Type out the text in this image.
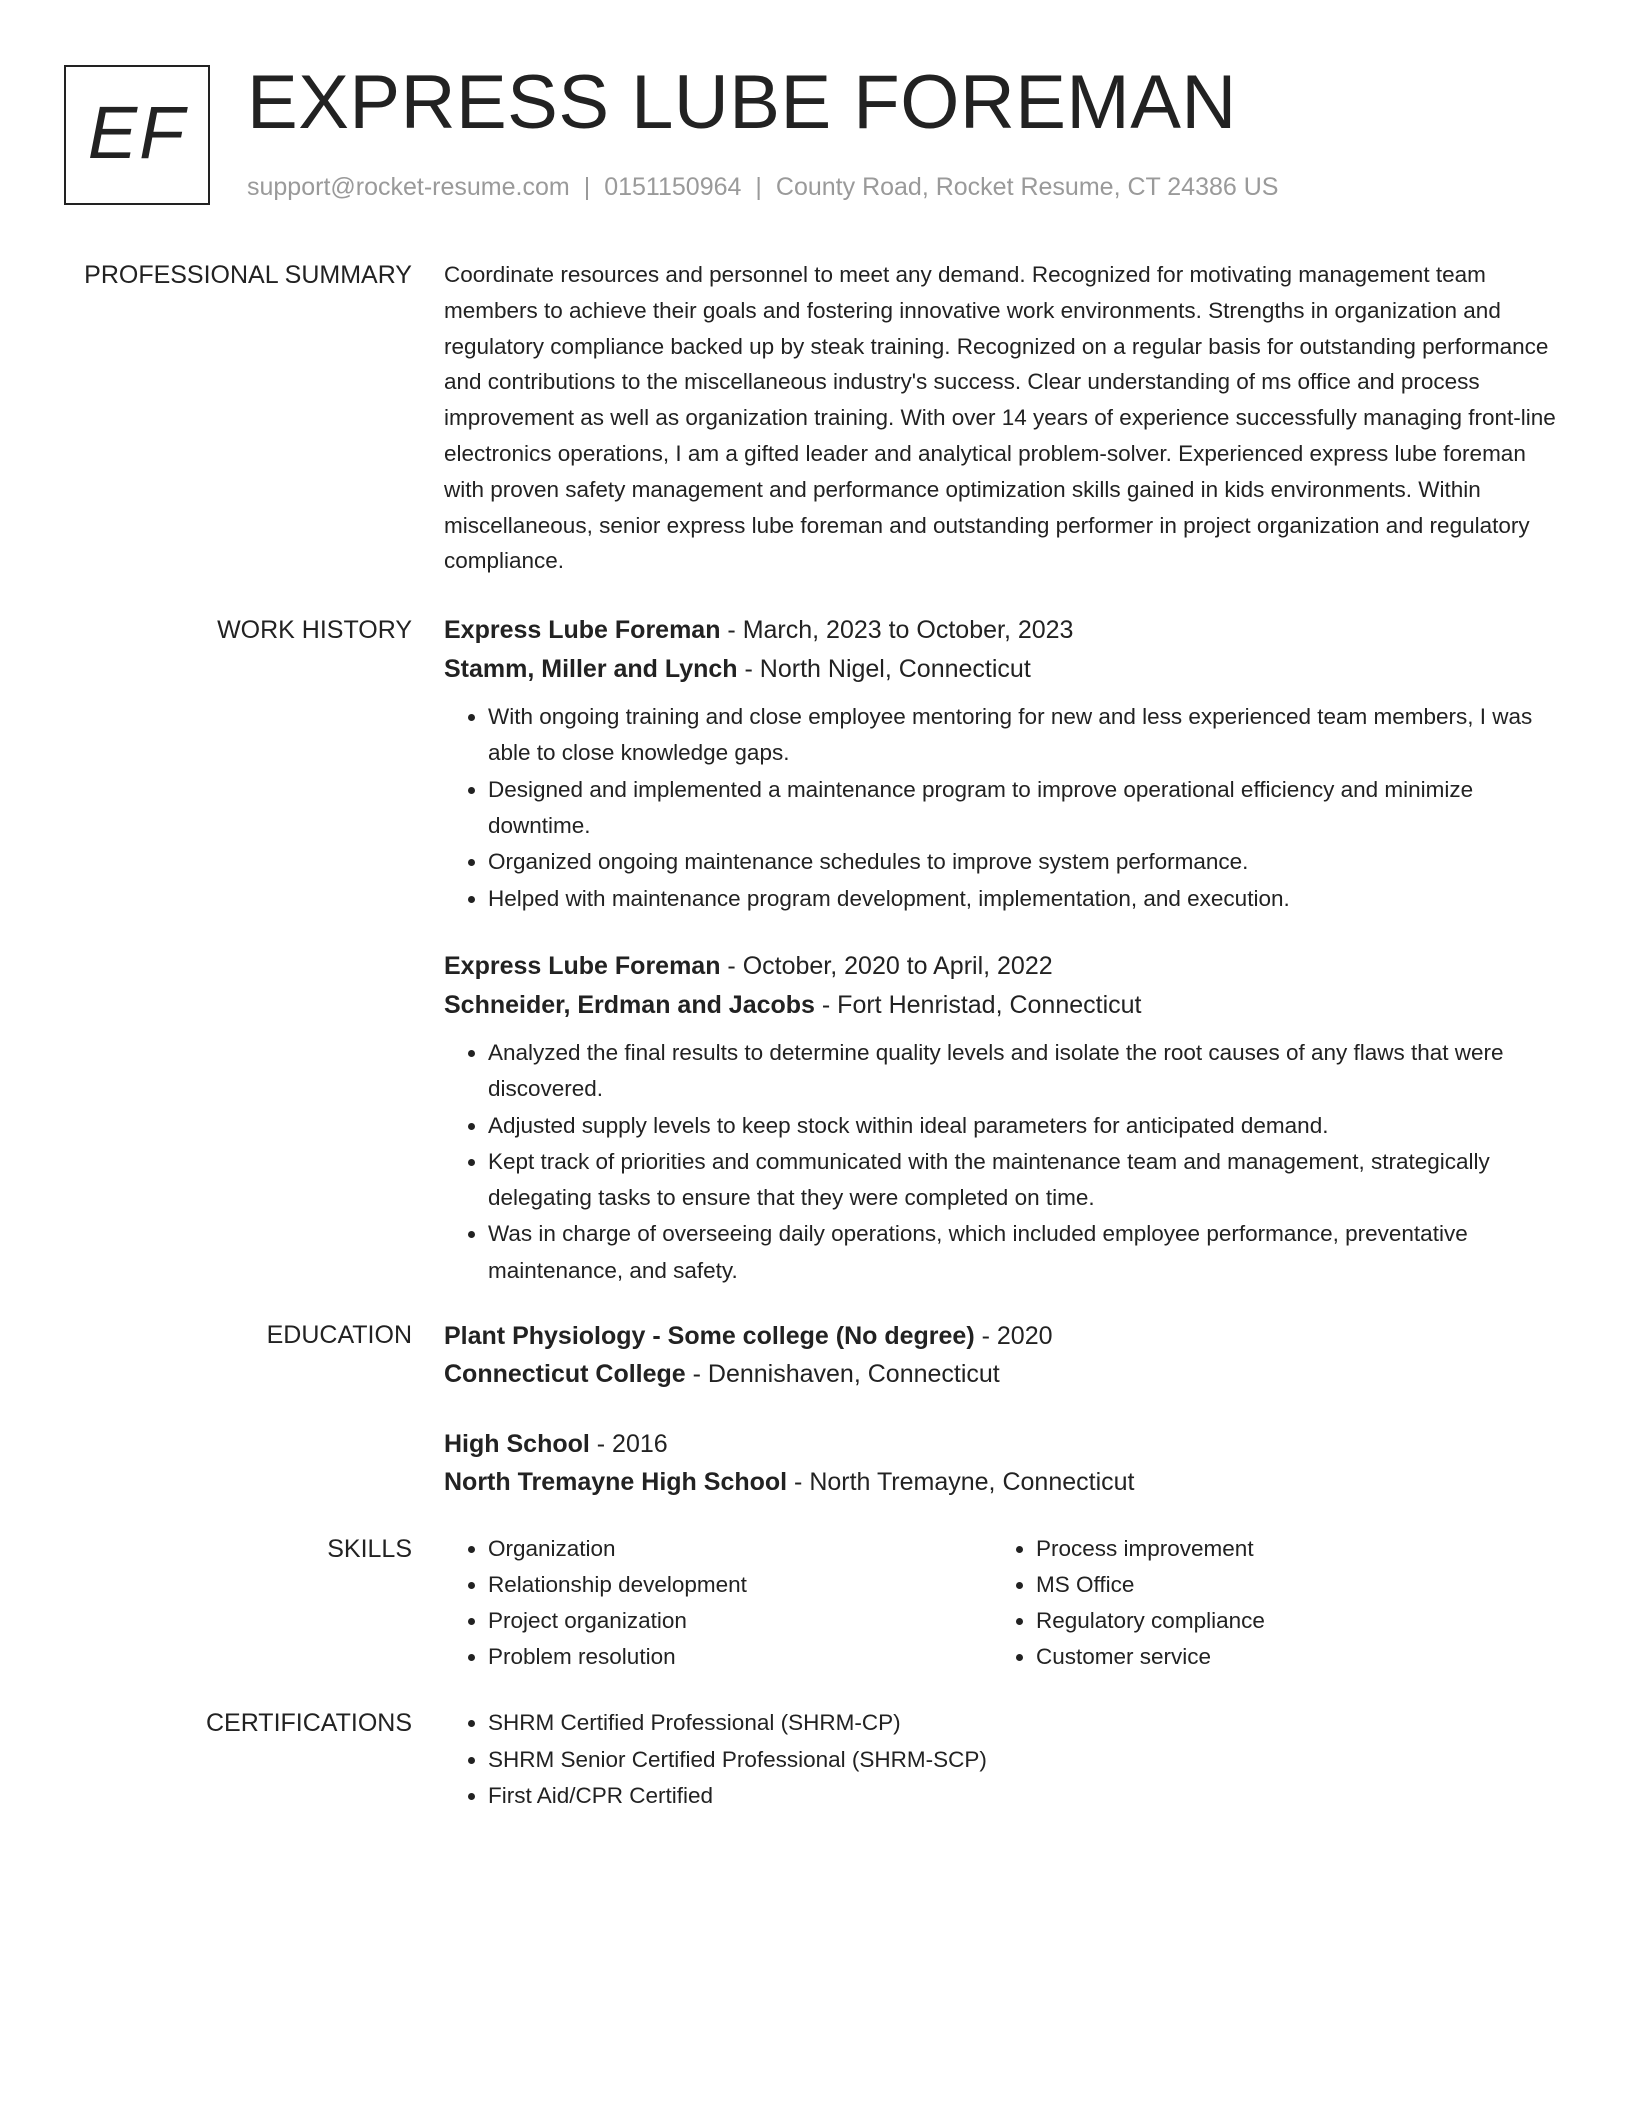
EF EXPRESS LUBE FOREMAN
support@rocket-resume.com | 0151150964 | County Road, Rocket Resume, CT 24386 US
PROFESSIONAL SUMMARY Coordinate resources and personnel to meet any demand. Recognized for motivating management team members to achieve their goals and fostering innovative work environments. Strengths in organization and regulatory compliance backed up by steak training. Recognized on a regular basis for outstanding performance and contributions to the miscellaneous industry's success. Clear understanding of ms office and process improvement as well as organization training. With over 14 years of experience successfully managing front-line electronics operations, I am a gifted leader and analytical problem-solver. Experienced express lube foreman with proven safety management and performance optimization skills gained in kids environments. Within miscellaneous, senior express lube foreman and outstanding performer in project organization and regulatory compliance.

WORK HISTORY Express Lube Foreman - March, 2023 to October, 2023
Stamm, Miller and Lynch - North Nigel, Connecticut
• With ongoing training and close employee mentoring for new and less experienced team members, I was able to close knowledge gaps.
• Designed and implemented a maintenance program to improve operational efficiency and minimize downtime.
• Organized ongoing maintenance schedules to improve system performance.
• Helped with maintenance program development, implementation, and execution.
Express Lube Foreman - October, 2020 to April, 2022
Schneider, Erdman and Jacobs - Fort Henristad, Connecticut
• Analyzed the final results to determine quality levels and isolate the root causes of any flaws that were discovered.
• Adjusted supply levels to keep stock within ideal parameters for anticipated demand.
• Kept track of priorities and communicated with the maintenance team and management, strategically delegating tasks to ensure that they were completed on time.
• Was in charge of overseeing daily operations, which included employee performance, preventative maintenance, and safety.
EDUCATION Plant Physiology - Some college (No degree) - 2020
Connecticut College - Dennishaven, Connecticut
High School - 2016
North Tremayne High School - North Tremayne, Connecticut
SKILLS	• Organization
• Relationship development
• Project organization
• Problem resolution
• Process improvement
• MS Office
• Regulatory compliance
• Customer service
CERTIFICATIONS	• SHRM Certified Professional (SHRM-CP)
• SHRM Senior Certified Professional (SHRM-SCP)
• First Aid/CPR Certified
